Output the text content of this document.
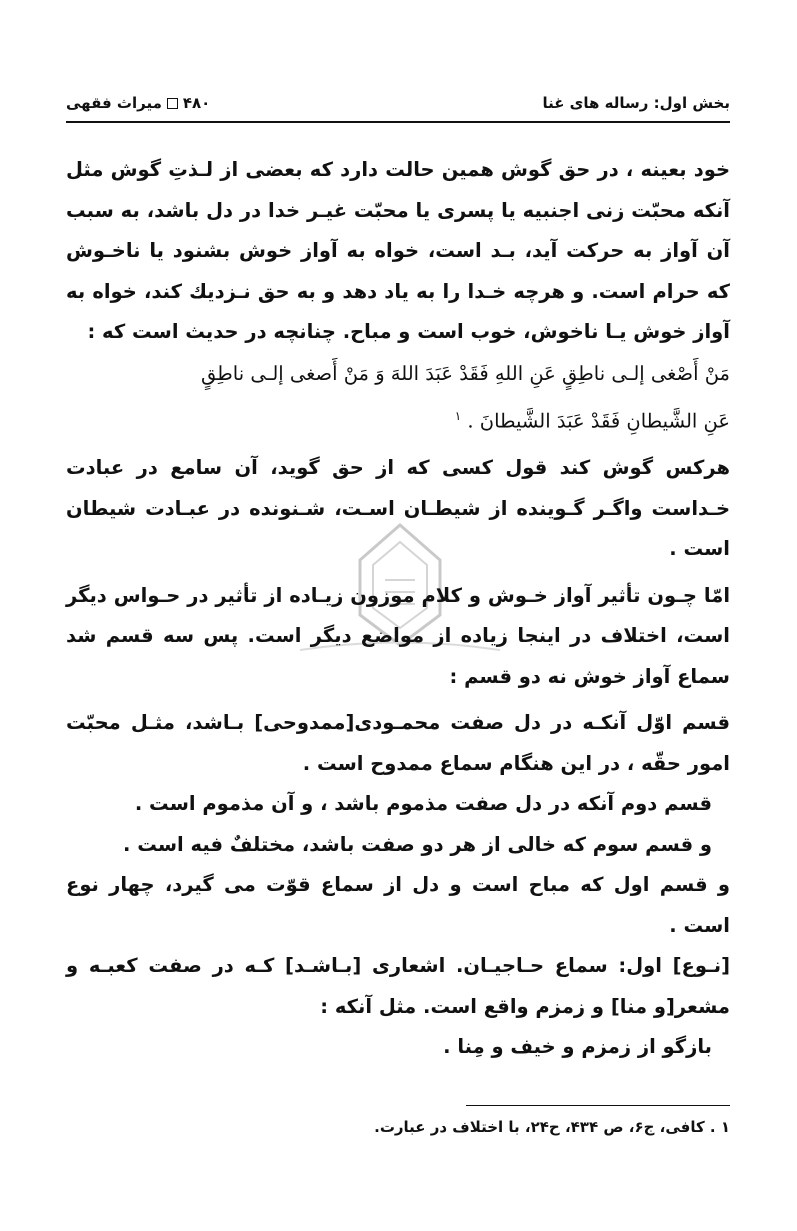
۴۸۰
میراث فقهی	بخش اول: رساله های غنا

خود بعینه ، در حق گوش همین حالت دارد که بعضی از لـذتِ گوش مثل آنکه محبّت زنی اجنبیه یا پسری یا محبّت غیـر خدا در دل باشد، به سبب آن آواز به حرکت آید، بـد است، خواه به آواز خوش بشنود یا ناخـوش که حرام است. و هرچه خـدا را به یاد دهد و به حق نـزدیك كند، خواه به آواز خوش یـا ناخوش، خوب است و مباح. چنانچه در حدیث است که :

مَنْ أَصْغى إلـى ناطِقٍ عَنِ اللهِ فَقَدْ عَبَدَ اللهَ وَ مَنْ أَصغى إلـى ناطِقٍ

عَنِ الشَّيطانِ فَقَدْ عَبَدَ الشَّيطانَ . $^١$

هرکس گوش کند قول کسی که از حق گوید، آن سامع در عبادت خـداست واگـر گـوینده از شیطـان اسـت، شـنونده در عبـادت شیطان است .

امّا چـون تأثیر آواز خـوش و کلام موزون زیـاده از تأثیر در حـواس دیگر است، اختلاف در اینجا زیاده از مواضع دیگر است. پس سه قسم شد سماع آواز خوش نه دو قسم :

قسم اوّل آنکـه در دل صفت محمـودی[ممدوحی] بـاشد، مثـل محبّت امور حقّه ، در این هنگام سماع ممدوح است .

قسم دوم آنکه در دل صفت مذموم باشد ، و آن مذموم است .

و قسم سوم که خالی از هر دو صفت باشد، مختلفٌ فیه است .

و قسم اول که مباح است و دل از سماع قوّت می گیرد، چهار نوع است .

[نـوع] اول: سماع حـاجیـان. اشعاری [بـاشـد] کـه در صفت کعبـه و مشعر[و منا] و زمزم واقع است. مثل آنکه :

بازگو از زمزم و خیف و مِنا .

١ . کافی، ج۶، ص ۴۳۴، ح۲۴، با اختلاف در عبارت.
